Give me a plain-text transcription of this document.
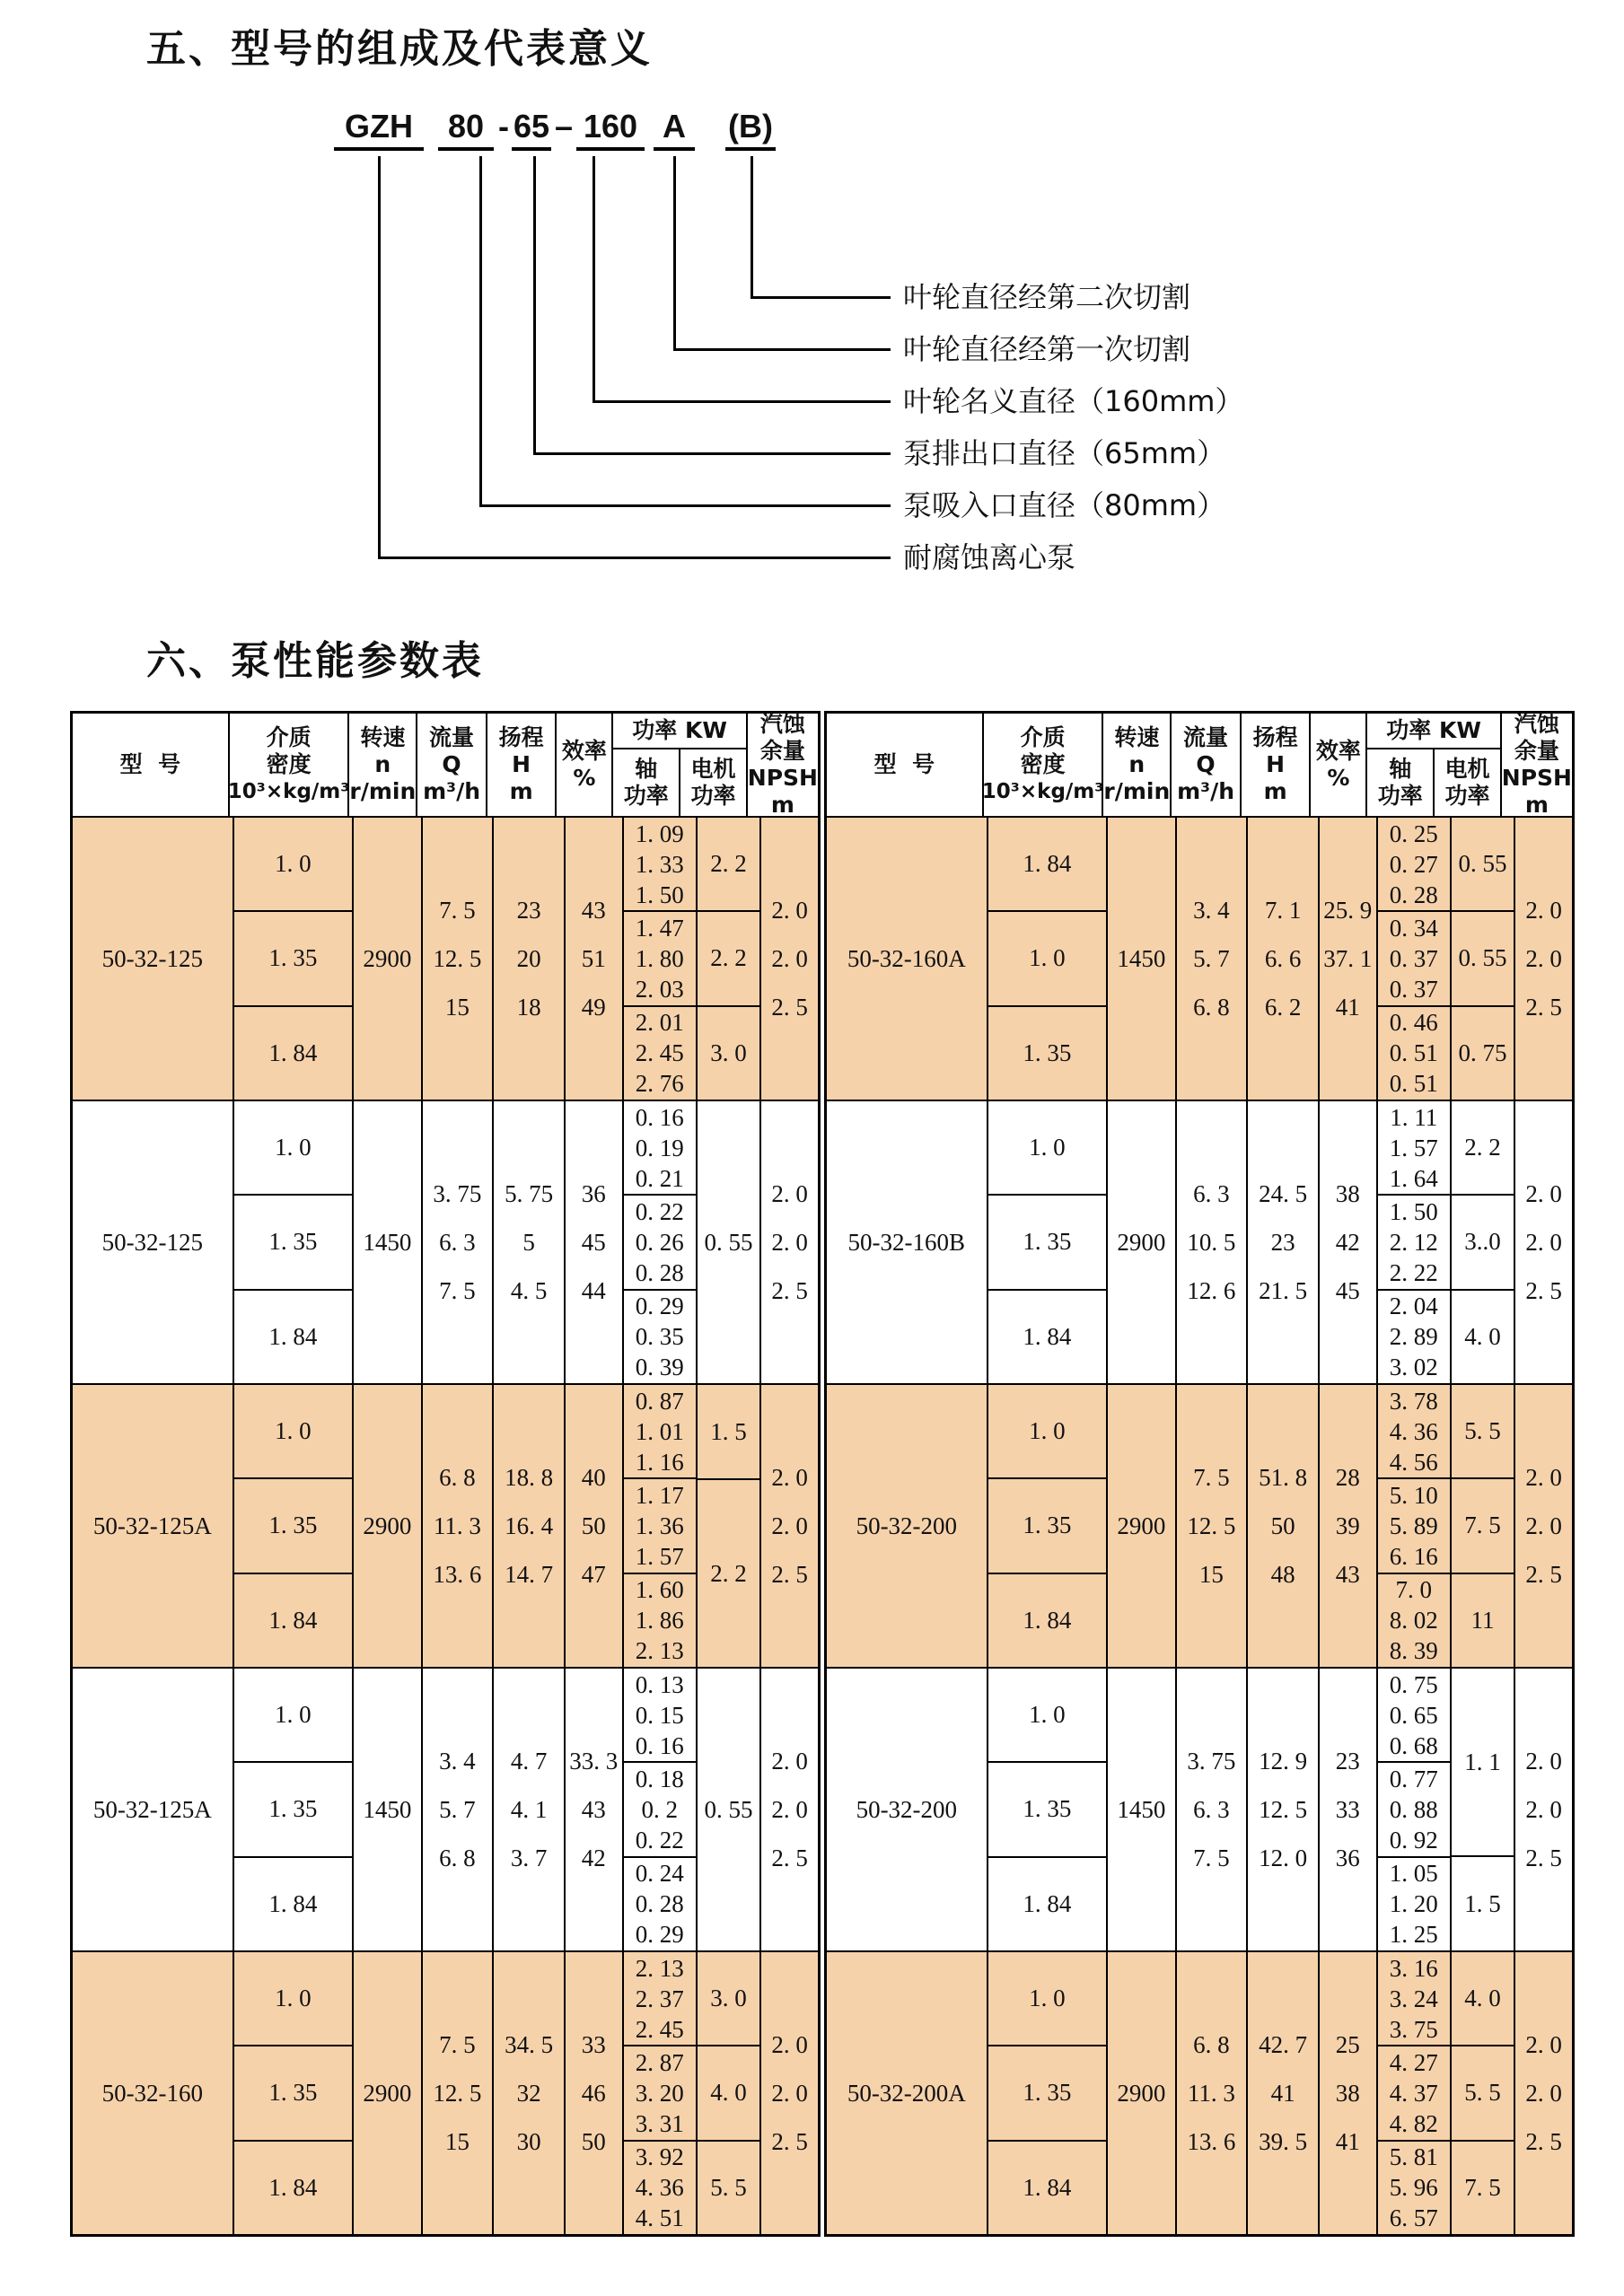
五、型号的组成及代表意义
GZH	80 - 65 – 160 A (B)
叶轮直径经第二次切割
叶轮直径经第一次切割
叶轮名义直径（160mm）
泵排出口直径（65mm）
泵吸入口直径（80mm）
耐腐蚀离心泵
六、泵性能参数表
型  号
介质
密度
10³×kg/m³
转速
n
r/min
流量
Q
m³/h
扬程
H
m
效率
%
功率 KW
轴
功率
电机
功率
汽蚀
余量
NPSH
m
50-32-125
1. 0
1. 35
1. 84
2900
7. 5
12. 5
15
23
20
18
43
51
49
1. 09
1. 33
1. 50
1. 47
1. 80
2. 03
2. 01
2. 45
2. 76
2. 2
2. 2
3. 0
2. 0
2. 0
2. 5
50-32-125
1. 0
1. 35
1. 84
1450
3. 75
6. 3
7. 5
5. 75
5
4. 5
36
45
44
0. 16
0. 19
0. 21
0. 22
0. 26
0. 28
0. 29
0. 35
0. 39
0. 55
2. 0
2. 0
2. 5
50-32-125A
1. 0
1. 35
1. 84
2900
6. 8
11. 3
13. 6
18. 8
16. 4
14. 7
40
50
47
0. 87
1. 01
1. 16
1. 17
1. 36
1. 57
1. 60
1. 86
2. 13
1. 5
2. 2
2. 0
2. 0
2. 5
50-32-125A
1. 0
1. 35
1. 84
1450
3. 4
5. 7
6. 8
4. 7
4. 1
3. 7
33. 3
43
42
0. 13
0. 15
0. 16
0. 18
0. 2
0. 22
0. 24
0. 28
0. 29
0. 55
2. 0
2. 0
2. 5
50-32-160
1. 0
1. 35
1. 84
2900
7. 5
12. 5
15
34. 5
32
30
33
46
50
2. 13
2. 37
2. 45
2. 87
3. 20
3. 31
3. 92
4. 36
4. 51
3. 0
4. 0
5. 5
2. 0
2. 0
2. 5
型  号
介质
密度
10³×kg/m³
转速
n
r/min
流量
Q
m³/h
扬程
H
m
效率
%
功率 KW
轴
功率
电机
功率
汽蚀
余量
NPSH
m
50-32-160A
1. 84
1. 0
1. 35
1450
3. 4
5. 7
6. 8
7. 1
6. 6
6. 2
25. 9
37. 1
41
0. 25
0. 27
0. 28
0. 34
0. 37
0. 37
0. 46
0. 51
0. 51
0. 55
0. 55
0. 75
2. 0
2. 0
2. 5
50-32-160B
1. 0
1. 35
1. 84
2900
6. 3
10. 5
12. 6
24. 5
23
21. 5
38
42
45
1. 11
1. 57
1. 64
1. 50
2. 12
2. 22
2. 04
2. 89
3. 02
2. 2
3..0
4. 0
2. 0
2. 0
2. 5
50-32-200
1. 0
1. 35
1. 84
2900
7. 5
12. 5
15
51. 8
50
48
28
39
43
3. 78
4. 36
4. 56
5. 10
5. 89
6. 16
7. 0
8. 02
8. 39
5. 5
7. 5
11
2. 0
2. 0
2. 5
50-32-200
1. 0
1. 35
1. 84
1450
3. 75
6. 3
7. 5
12. 9
12. 5
12. 0
23
33
36
0. 75
0. 65
0. 68
0. 77
0. 88
0. 92
1. 05
1. 20
1. 25
1. 1
1. 5
2. 0
2. 0
2. 5
50-32-200A
1. 0
1. 35
1. 84
2900
6. 8
11. 3
13. 6
42. 7
41
39. 5
25
38
41
3. 16
3. 24
3. 75
4. 27
4. 37
4. 82
5. 81
5. 96
6. 57
4. 0
5. 5
7. 5
2. 0
2. 0
2. 5
